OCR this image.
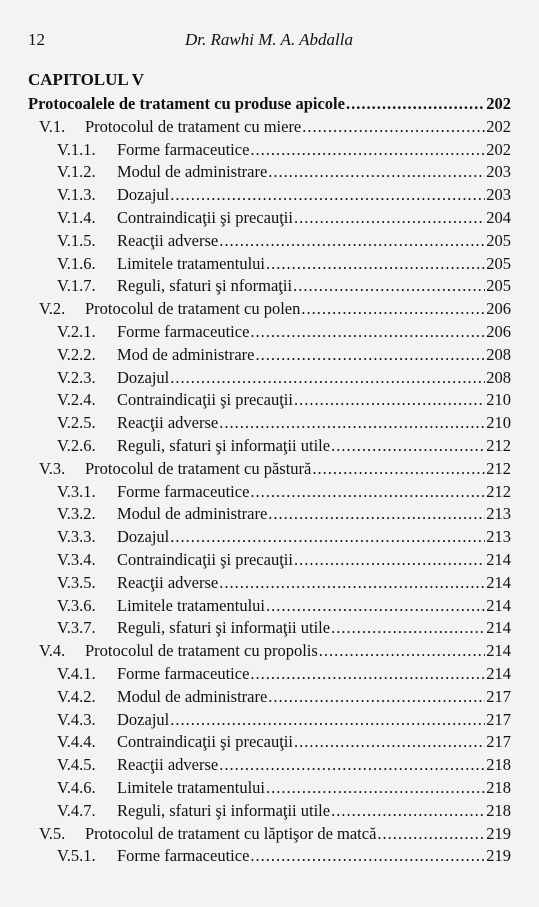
12	Dr. Rawhi M. A. Abdalla
CAPITOLUL V
Protocoalele de tratament cu produse apicole .....	202
V.1. Protocolul de tratament cu miere .....	202
V.1.1. Forme farmaceutice .....	202
V.1.2. Modul de administrare .....	203
V.1.3. Dozajul .....	203
V.1.4. Contraindicaţii şi precauţii .....	204
V.1.5. Reacţii adverse .....	205
V.1.6. Limitele tratamentului .....	205
V.1.7. Reguli, sfaturi şi nformaţii .....	205
V.2. Protocolul de tratament cu polen .....	206
V.2.1. Forme farmaceutice .....	206
V.2.2. Mod de administrare .....	208
V.2.3. Dozajul .....	208
V.2.4. Contraindicaţii şi precauţii .....	210
V.2.5. Reacţii adverse .....	210
V.2.6. Reguli, sfaturi şi informaţii utile .....	212
V.3. Protocolul de tratament cu păstură .....	212
V.3.1. Forme farmaceutice .....	212
V.3.2. Modul de administrare .....	213
V.3.3. Dozajul .....	213
V.3.4. Contraindicaţii şi precauţii .....	214
V.3.5. Reacţii adverse .....	214
V.3.6. Limitele tratamentului .....	214
V.3.7. Reguli, sfaturi şi informaţii utile .....	214
V.4. Protocolul de tratament cu propolis .....	214
V.4.1. Forme farmaceutice .....	214
V.4.2. Modul de administrare .....	217
V.4.3. Dozajul .....	217
V.4.4. Contraindicaţii şi precauţii .....	217
V.4.5. Reacţii adverse .....	218
V.4.6. Limitele tratamentului .....	218
V.4.7. Reguli, sfaturi şi informaţii utile .....	218
V.5. Protocolul de tratament cu lăptişor de matcă .....	219
V.5.1. Forme farmaceutice .....	219
